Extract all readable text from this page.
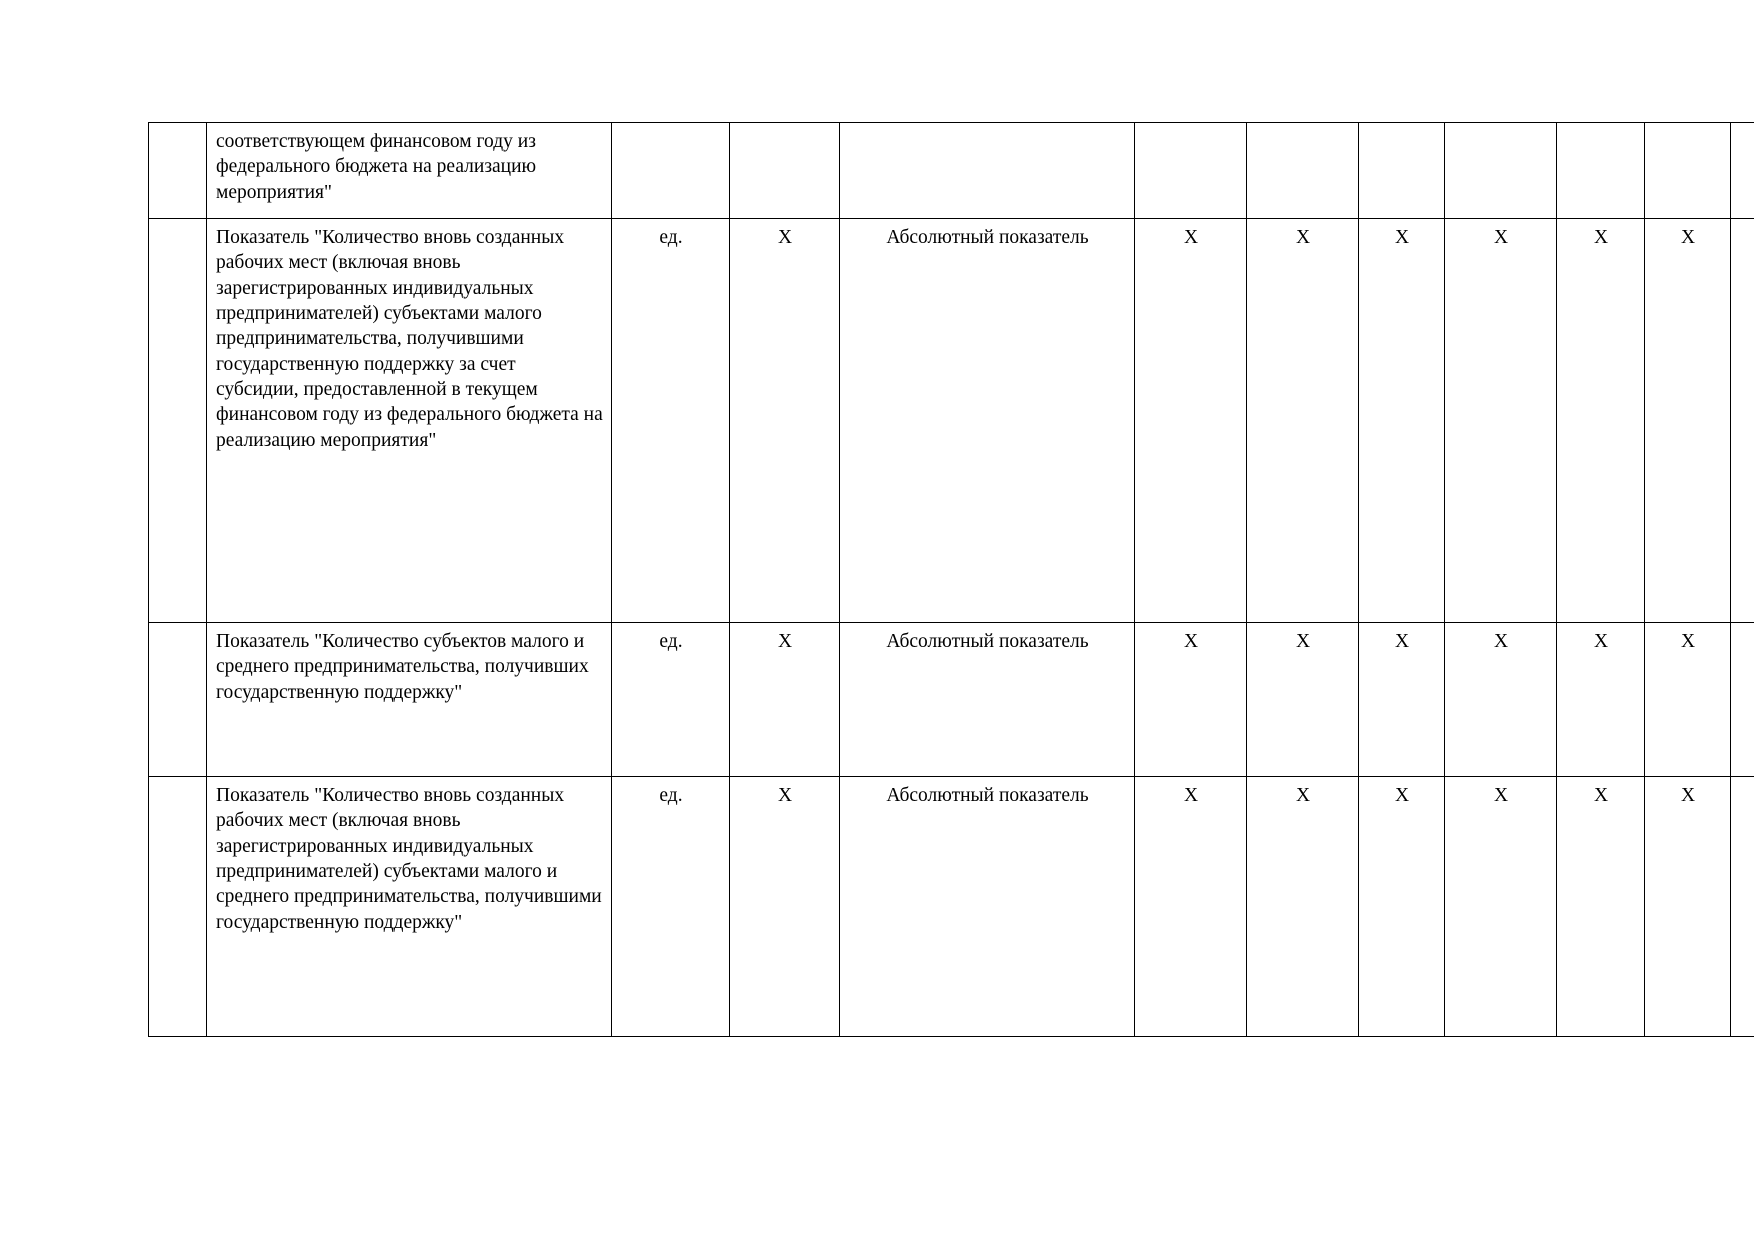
	соответствующем финансовом году из федерального бюджета на реализацию мероприятия"										
	Показатель "Количество вновь созданных рабочих мест (включая вновь зарегистрированных индивидуальных предпринимателей) субъектами малого предпринимательства, получившими государственную поддержку за счет субсидии, предоставленной в текущем финансовом году из федерального бюджета на реализацию мероприятия"	ед.	X	Абсолютный показатель	X	X	X	X	X	X	
	Показатель "Количество субъектов малого и среднего предпринимательства, получивших государственную поддержку"	ед.	X	Абсолютный показатель	X	X	X	X	X	X	
	Показатель "Количество вновь созданных рабочих мест (включая вновь зарегистрированных индивидуальных предпринимателей) субъектами малого и среднего предпринимательства, получившими государственную поддержку"	ед.	X	Абсолютный показатель	X	X	X	X	X	X	
